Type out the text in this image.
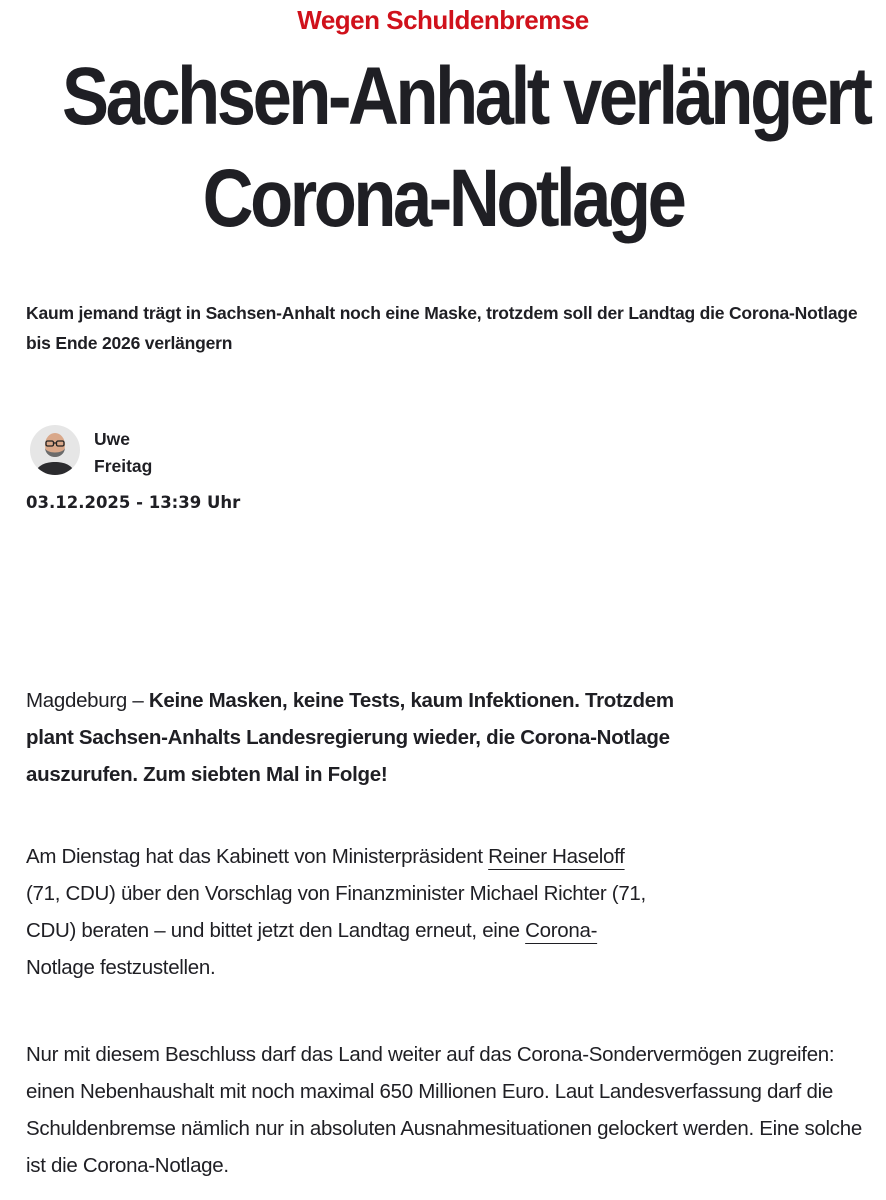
Wegen Schuldenbremse
Sachsen-Anhalt verlängert
Corona-Notlage

Kaum jemand trägt in Sachsen-Anhalt noch eine Maske, trotzdem soll der Landtag die Corona-Notlage bis Ende 2026 verlängern

Uwe
Freitag
03.12.2025 - 13:39 Uhr
Magdeburg – Keine Masken, keine Tests, kaum Infektionen. Trotzdem
plant Sachsen-Anhalts Landesregierung wieder, die Corona-Notlage
auszurufen. Zum siebten Mal in Folge!
Am Dienstag hat das Kabinett von Ministerpräsident Reiner Haseloff
(71, CDU) über den Vorschlag von Finanzminister Michael Richter (71,
CDU) beraten – und bittet jetzt den Landtag erneut, eine Corona-
Notlage festzustellen.
Nur mit diesem Beschluss darf das Land weiter auf das Corona-Sondervermögen zugreifen:
einen Nebenhaushalt mit noch maximal 650 Millionen Euro. Laut Landesverfassung darf die
Schuldenbremse nämlich nur in absoluten Ausnahmesituationen gelockert werden. Eine solche
ist die Corona-Notlage.
